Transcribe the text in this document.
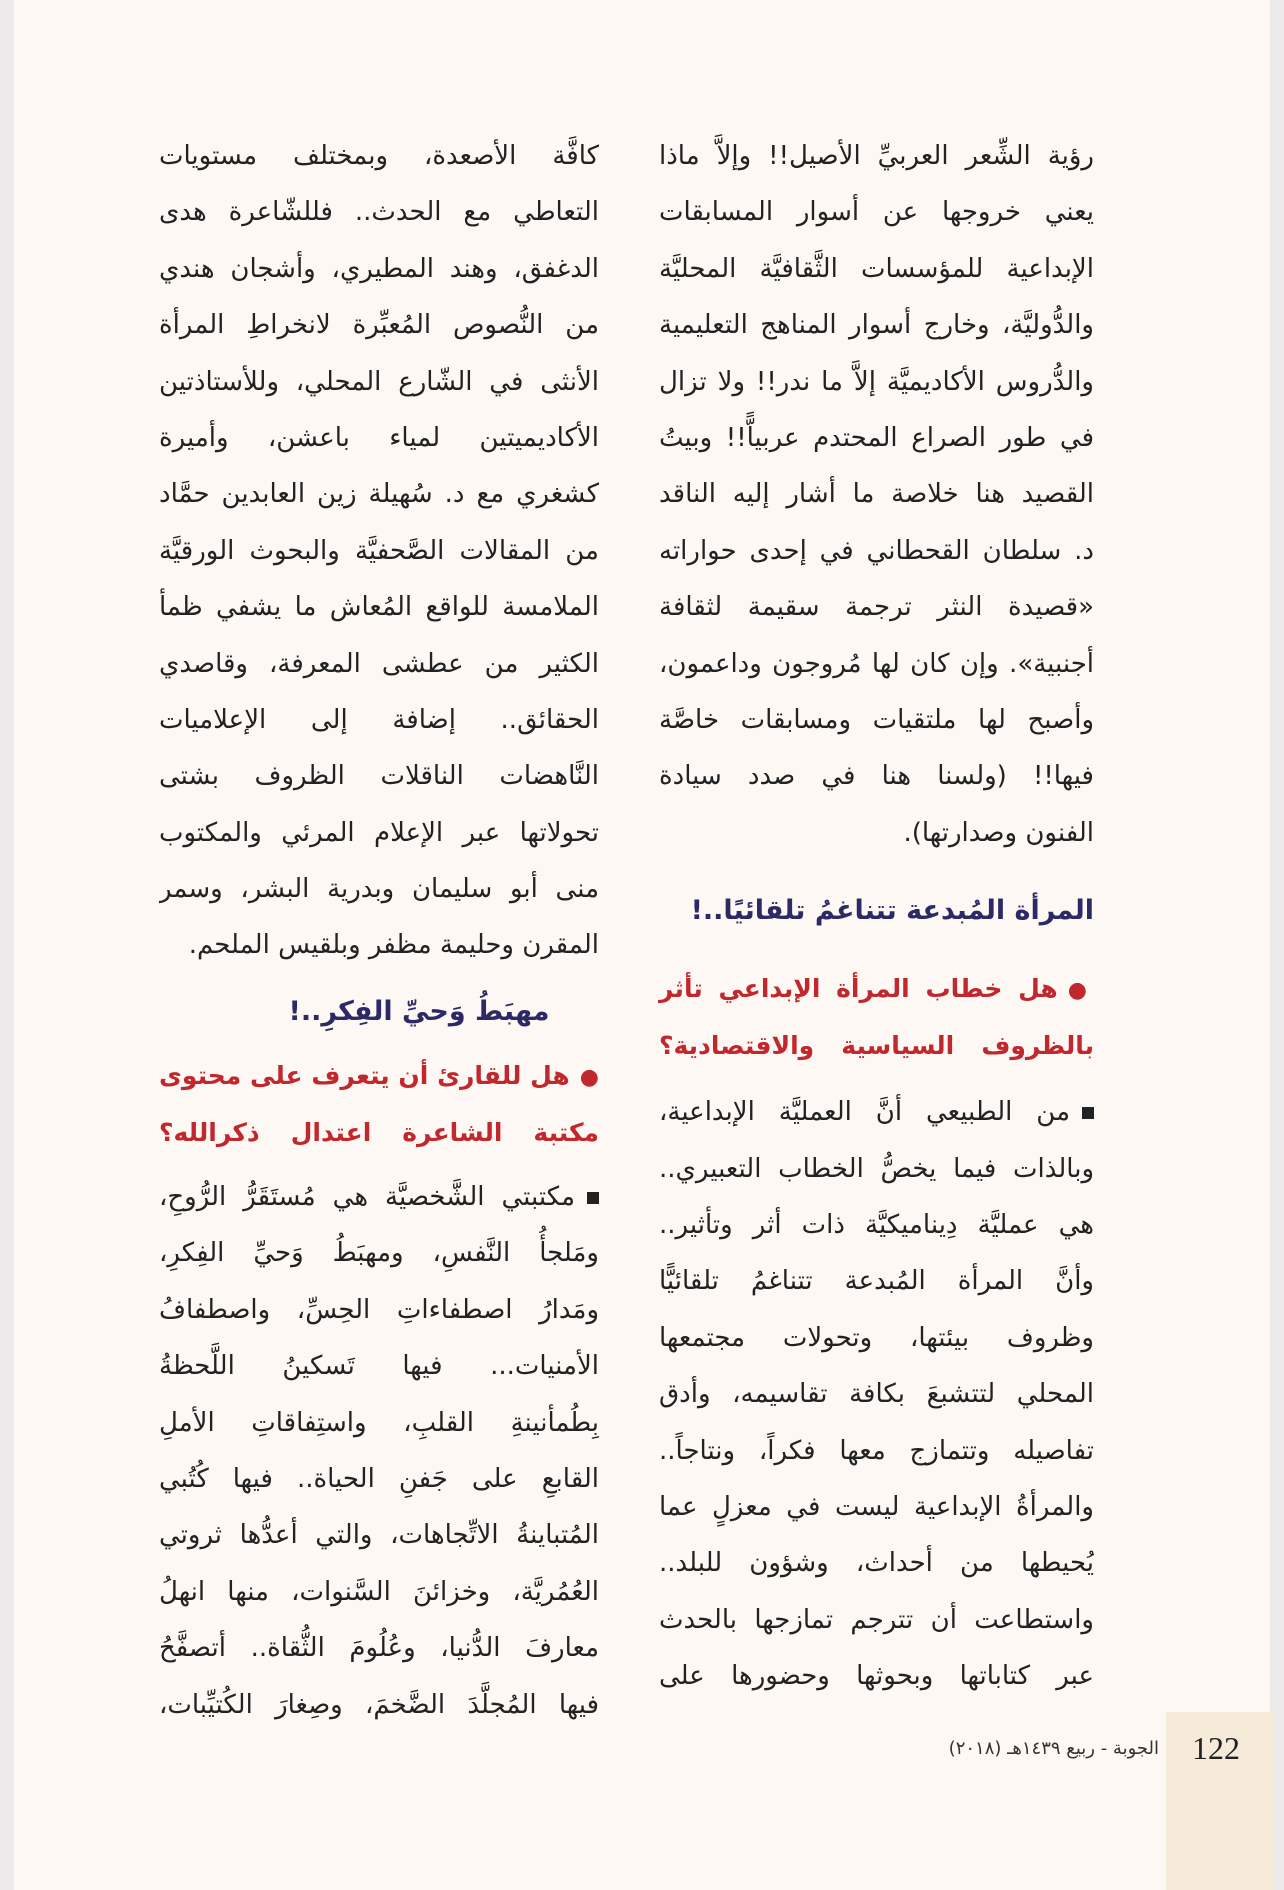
رؤية الشِّعر العربيِّ الأصيل!! وإلاَّ ماذا
يعني خروجها عن أسوار المسابقات
الإبداعية للمؤسسات الثَّقافيَّة المحليَّة
والدُّوليَّة، وخارج أسوار المناهج التعليمية
والدُّروس الأكاديميَّة إلاَّ ما ندر!! ولا تزال
في طور الصراع المحتدم عربياًّ!! وبيتُ
القصيد هنا خلاصة ما أشار إليه الناقد
د. سلطان القحطاني في إحدى حواراته
«قصيدة النثر ترجمة سقيمة لثقافة
أجنبية». وإن كان لها مُروجون وداعمون،
وأصبح لها ملتقيات ومسابقات خاصَّة
فيها!! (ولسنا هنا في صدد سيادة
الفنون وصدارتها).
المرأة المُبدعة تتناغمُ تلقائيًا..!
●هل خطاب المرأة الإبداعي تأثر
بالظروف السياسية والاقتصادية؟
من الطبيعي أنَّ العمليَّة الإبداعية،
وبالذات فيما يخصُّ الخطاب التعبيري..
هي عمليَّة دِيناميكيَّة ذات أثر وتأثير..
وأنَّ المرأة المُبدعة تتناغمُ تلقائيًّا
وظروف بيئتها، وتحولات مجتمعها
المحلي لتتشبعَ بكافة تقاسيمه، وأدق
تفاصيله وتتمازج معها فكراً، ونتاجاً..
والمرأةُ الإبداعية ليست في معزلٍ عما
يُحيطها من أحداث، وشؤون للبلد..
واستطاعت أن تترجم تمازجها بالحدث
عبر كتاباتها وبحوثها وحضورها على
كافَّة الأصعدة، وبمختلف مستويات
التعاطي مع الحدث.. فللشّاعرة هدى
الدغفق، وهند المطيري، وأشجان هندي
من النُّصوص المُعبِّرة لانخراطِ المرأة
الأنثى في الشّارع المحلي، وللأستاذتين
الأكاديميتين لمياء باعشن، وأميرة
كشغري مع د. سُهيلة زين العابدين حمَّاد
من المقالات الصَّحفيَّة والبحوث الورقيَّة
الملامسة للواقع المُعاش ما يشفي ظمأ
الكثير من عطشى المعرفة، وقاصدي
الحقائق.. إضافة إلى الإعلاميات
النَّاهضات الناقلات الظروف بشتى
تحولاتها عبر الإعلام المرئي والمكتوب
منى أبو سليمان وبدرية البشر، وسمر
المقرن وحليمة مظفر وبلقيس الملحم.
مهبَطُ وَحيِّ الفِكرِ..!
●هل للقارئ أن يتعرف على محتوى
مكتبة الشاعرة اعتدال ذكرالله؟
مكتبتي الشَّخصيَّة هي مُستَقَرُّ الرُّوحِ،
ومَلجأُ النَّفسِ، ومهبَطُ وَحيِّ الفِكرِ،
ومَدارُ اصطفاءاتِ الحِسِّ، واصطفافُ
الأمنيات... فيها تَسكينُ اللَّحظةُ
بِطُمأنينةِ القلبِ، واستِفاقاتِ الأملِ
القابعِ على جَفنِ الحياة.. فيها كُتُبي
المُتباينةُ الاتِّجاهات، والتي أعدُّها ثروتي
العُمُريَّة، وخزائنَ السَّنوات، منها انهلُ
معارفَ الدُّنيا، وعُلُومَ الثُّقاة.. أتصفَّحُ
فيها المُجلَّدَ الضَّخمَ، وصِغارَ الكُتيِّبات،
122
الجوبة - ربيع ١٤٣٩هـ (٢٠١٨)
